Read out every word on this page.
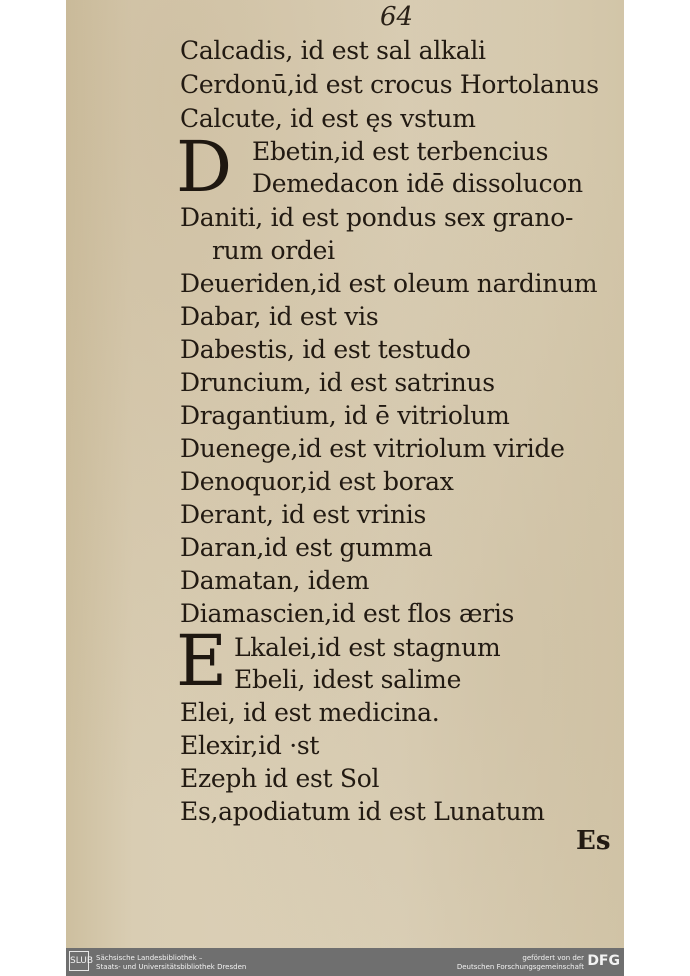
64
Calcadis, id est sal alkali
Cerdonū,id est crocus Hortolanus
Calcute, id est ęs vstum
D Ebetin,id est terbencius
Demedacon idē dissolucon
Daniti, id est pondus sex grano-
rum ordei
Deueriden,id est oleum nardinum
Dabar, id est vis
Dabestis, id est testudo
Druncium, id est satrinus
Dragantium, id ē vitriolum
Duenege,id est vitriolum viride
Denoquor,id est borax
Derant, id est vrinis
Daran,id est gumma
Damatan, idem
Diamascien,id est flos æris
E Lkalei,id est stagnum
Ebeli, idest salime
Elei, id est medicina.
Elexir,id ·st
Ezeph id est Sol
Es,apodiatum id est Lunatum
Es
SLUB Sächsische Landesbibliothek –
Staats- und Universitätsbibliothek Dresden
gefördert von der
Deutschen Forschungsgemeinschaft DFG
